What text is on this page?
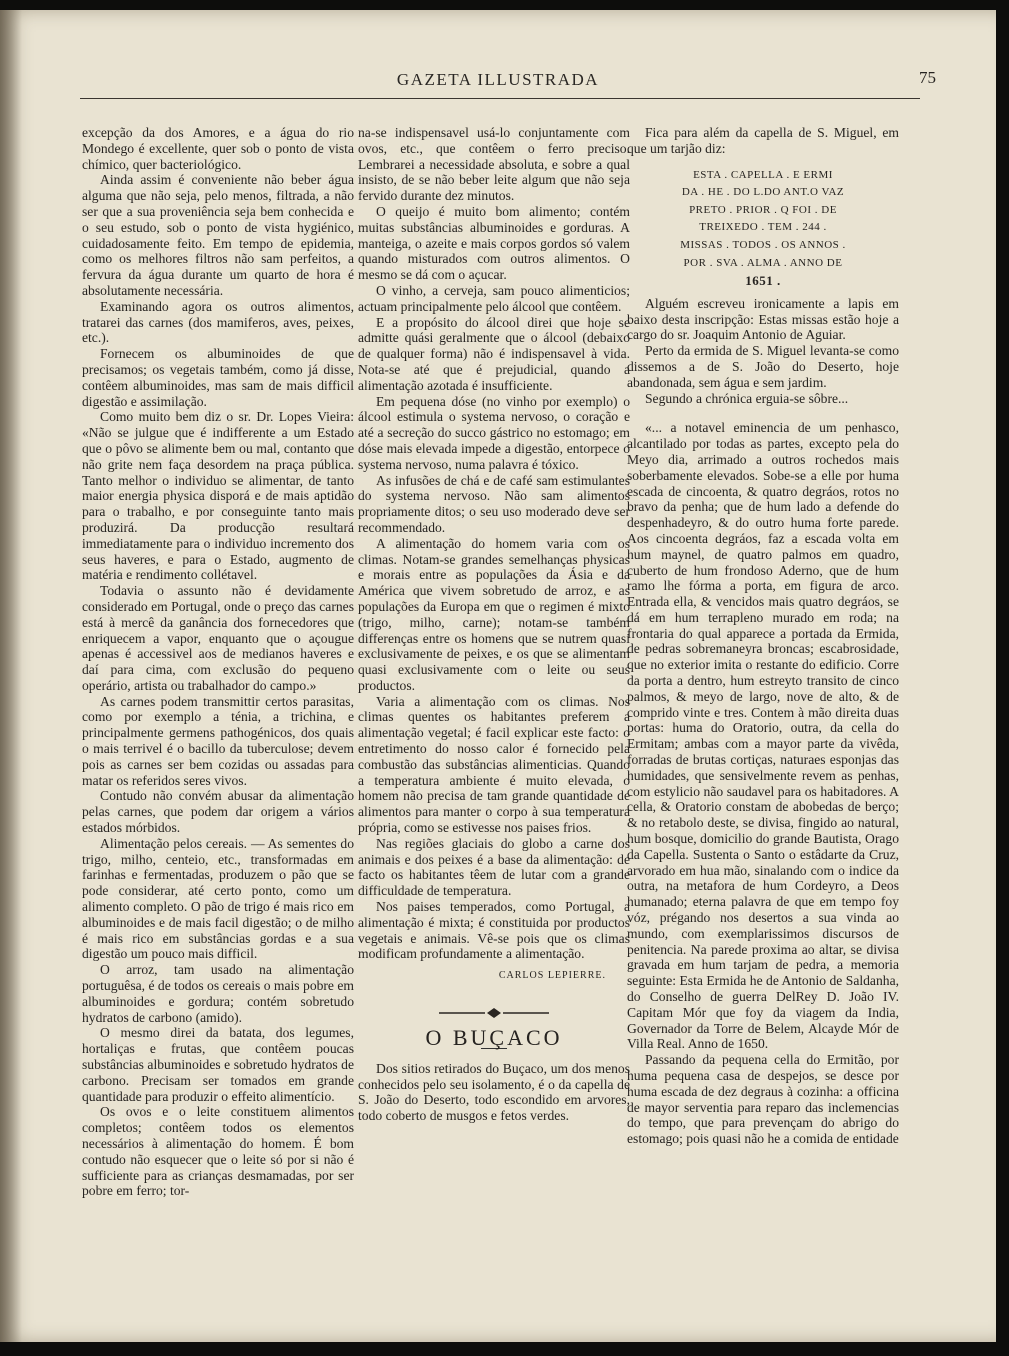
GAZETA ILLUSTRADA	75

excepção da dos Amores, e a água do rio Mondego é excellente, quer sob o ponto de vista chímico, quer bacteriológico.

Ainda assim é conveniente não beber água alguma que não seja, pelo menos, filtrada, a não ser que a sua proveniência seja bem conhecida e o seu estudo, sob o ponto de vista hygiénico, cuidadosamente feito. Em tempo de epidemia, como os melhores filtros não sam perfeitos, a fervura da água durante um quarto de hora é absolutamente necessária.

Examinando agora os outros alimentos, tratarei das carnes (dos mamiferos, aves, peixes, etc.).

Fornecem os albuminoides de que precisamos; os vegetais também, como já disse, contêem albuminoides, mas sam de mais difficil digestão e assimilação.

Como muito bem diz o sr. Dr. Lopes Vieira: «Não se julgue que é indifferente a um Estado que o pôvo se alimente bem ou mal, contanto que não grite nem faça desordem na praça pública. Tanto melhor o individuo se alimentar, de tanto maior energia physica disporá e de mais aptidão para o trabalho, e por conseguinte tanto mais produzirá. Da producção resultará immediatamente para o individuo incremento dos seus haveres, e para o Estado, augmento de matéria e rendimento collétavel.

Todavia o assunto não é devidamente considerado em Portugal, onde o preço das carnes está à mercê da ganância dos fornecedores que enriquecem a vapor, enquanto que o açougue apenas é accessivel aos de medianos haveres e daí para cima, com exclusão do pequeno operário, artista ou trabalhador do campo.»

As carnes podem transmittir certos parasitas, como por exemplo a ténia, a trichina, e principalmente germens pathogénicos, dos quais o mais terrivel é o bacillo da tuberculose; devem pois as carnes ser bem cozidas ou assadas para matar os referidos seres vivos.

Contudo não convém abusar da alimentação pelas carnes, que podem dar origem a vários estados mórbidos.

Alimentação pelos cereais. — As sementes do trigo, milho, centeio, etc., transformadas em farinhas e fermentadas, produzem o pão que se pode considerar, até certo ponto, como um alimento completo. O pão de trigo é mais rico em albuminoides e de mais facil digestão; o de milho é mais rico em substâncias gordas e a sua digestão um pouco mais difficil.

O arroz, tam usado na alimentação portuguêsa, é de todos os cereais o mais pobre em albuminoides e gordura; contém sobretudo hydratos de carbono (amido).

O mesmo direi da batata, dos legumes, hortaliças e frutas, que contêem poucas substâncias albuminoides e sobretudo hydratos de carbono. Precisam ser tomados em grande quantidade para produzir o effeito alimentício.

Os ovos e o leite constituem alimentos completos; contêem todos os elementos necessários à alimentação do homem. É bom contudo não esquecer que o leite só por si não é sufficiente para as crianças desmamadas, por ser pobre em ferro; tor-

na-se indispensavel usá-lo conjuntamente com ovos, etc., que contêem o ferro preciso. Lembrarei a necessidade absoluta, e sobre a qual insisto, de se não beber leite algum que não seja fervido durante dez minutos.

O queijo é muito bom alimento; contém muitas substâncias albuminoides e gorduras. A manteiga, o azeite e mais corpos gordos só valem quando misturados com outros alimentos. O mesmo se dá com o açucar.

O vinho, a cerveja, sam pouco alimenticios; actuam principalmente pelo álcool que contêem.

E a propósito do álcool direi que hoje se admitte quási geralmente que o álcool (debaixo de qualquer forma) não é indispensavel à vida. Nota-se até que é prejudicial, quando a alimentação azotada é insufficiente.

Em pequena dóse (no vinho por exemplo) o álcool estimula o systema nervoso, o coração e até a secreção do succo gástrico no estomago; em dóse mais elevada impede a digestão, entorpece o systema nervoso, numa palavra é tóxico.

As infusões de chá e de café sam estimulantes do systema nervoso. Não sam alimentos propriamente ditos; o seu uso moderado deve ser recommendado.

A alimentação do homem varia com os climas. Notam-se grandes semelhanças physicas e morais entre as populações da Ásia e da América que vivem sobretudo de arroz, e as populações da Europa em que o regimen é mixto (trigo, milho, carne); notam-se também differenças entre os homens que se nutrem quasi exclusivamente de peixes, e os que se alimentam quasi exclusivamente com o leite ou seus productos.

Varia a alimentação com os climas. Nos climas quentes os habitantes preferem a alimentação vegetal; é facil explicar este facto: o entretimento do nosso calor é fornecido pela combustão das substâncias alimenticias. Quando a temperatura ambiente é muito elevada, o homem não precisa de tam grande quantidade de alimentos para manter o corpo à sua temperatura própria, como se estivesse nos paises frios.

Nas regiões glaciais do globo a carne dos animais e dos peixes é a base da alimentação: de facto os habitantes têem de lutar com a grande difficuldade de temperatura.

Nos paises temperados, como Portugal, a alimentação é mixta; é constituida por productos vegetais e animais. Vê-se pois que os climas modificam profundamente a alimentação.

CARLOS LEPIERRE.
O BUÇACO

Dos sitios retirados do Buçaco, um dos menos conhecidos pelo seu isolamento, é o da capella de S. João do Deserto, todo escondido em arvores, todo coberto de musgos e fetos verdes.

Fica para além da capella de S. Miguel, em que um tarjão diz:

ESTA . CAPELLA . E ERMI
DA . HE . DO L.DO ANT.O VAZ
PRETO . PRIOR . Q FOI . DE
TREIXEDO . TEM . 244 .
MISSAS . TODOS . OS ANNOS .
POR . SVA . ALMA . ANNO DE
1651 .

Alguém escreveu ironicamente a lapis em baixo desta inscripção: Estas missas estão hoje a cargo do sr. Joaquim Antonio de Aguiar.

Perto da ermida de S. Miguel levanta-se como dissemos a de S. João do Deserto, hoje abandonada, sem água e sem jardim.

Segundo a chrónica erguia-se sôbre...

«... a notavel eminencia de um penhasco, alcantilado por todas as partes, excepto pela do Meyo dia, arrimado a outros rochedos mais soberbamente elevados. Sobe-se a elle por huma escada de cincoenta, & quatro degráos, rotos no bravo da penha; que de hum lado a defende do despenhadeyro, & do outro huma forte parede. Aos cincoenta degráos, faz a escada volta em hum maynel, de quatro palmos em quadro, cuberto de hum frondoso Aderno, que de hum ramo lhe fórma a porta, em figura de arco. Entrada ella, & vencidos mais quatro degráos, se dá em hum terrapleno murado em roda; na frontaria do qual apparece a portada da Ermida, de pedras sobremaneyra broncas; escabrosidade, que no exterior imita o restante do edificio. Corre da porta a dentro, hum estreyto transito de cinco palmos, & meyo de largo, nove de alto, & de comprido vinte e tres. Contem à mão direita duas portas: huma do Oratorio, outra, da cella do Ermitam; ambas com a mayor parte da vivêda, forradas de brutas cortiças, naturaes esponjas das humidades, que sensivelmente revem as penhas, com estylicio não saudavel para os habitadores. A cella, & Oratorio constam de abobedas de berço; & no retabolo deste, se divisa, fingido ao natural, hum bosque, domicilio do grande Bautista, Orago da Capella. Sustenta o Santo o estâdarte da Cruz, arvorado em hua mão, sinalando com o indice da outra, na metafora de hum Cordeyro, a Deos humanado; eterna palavra de que em tempo foy vóz, prégando nos desertos a sua vinda ao mundo, com exemplarissimos discursos de penitencia. Na parede proxima ao altar, se divisa gravada em hum tarjam de pedra, a memoria seguinte: Esta Ermida he de Antonio de Saldanha, do Conselho de guerra DelRey D. João IV. Capitam Mór que foy da viagem da India, Governador da Torre de Belem, Alcayde Mór de Villa Real. Anno de 1650.

Passando da pequena cella do Ermitão, por huma pequena casa de despejos, se desce por huma escada de dez degraus à cozinha: a officina de mayor serventia para reparo das inclemencias do tempo, que para prevençam do abrigo do estomago; pois quasi não he a comida de entidade
